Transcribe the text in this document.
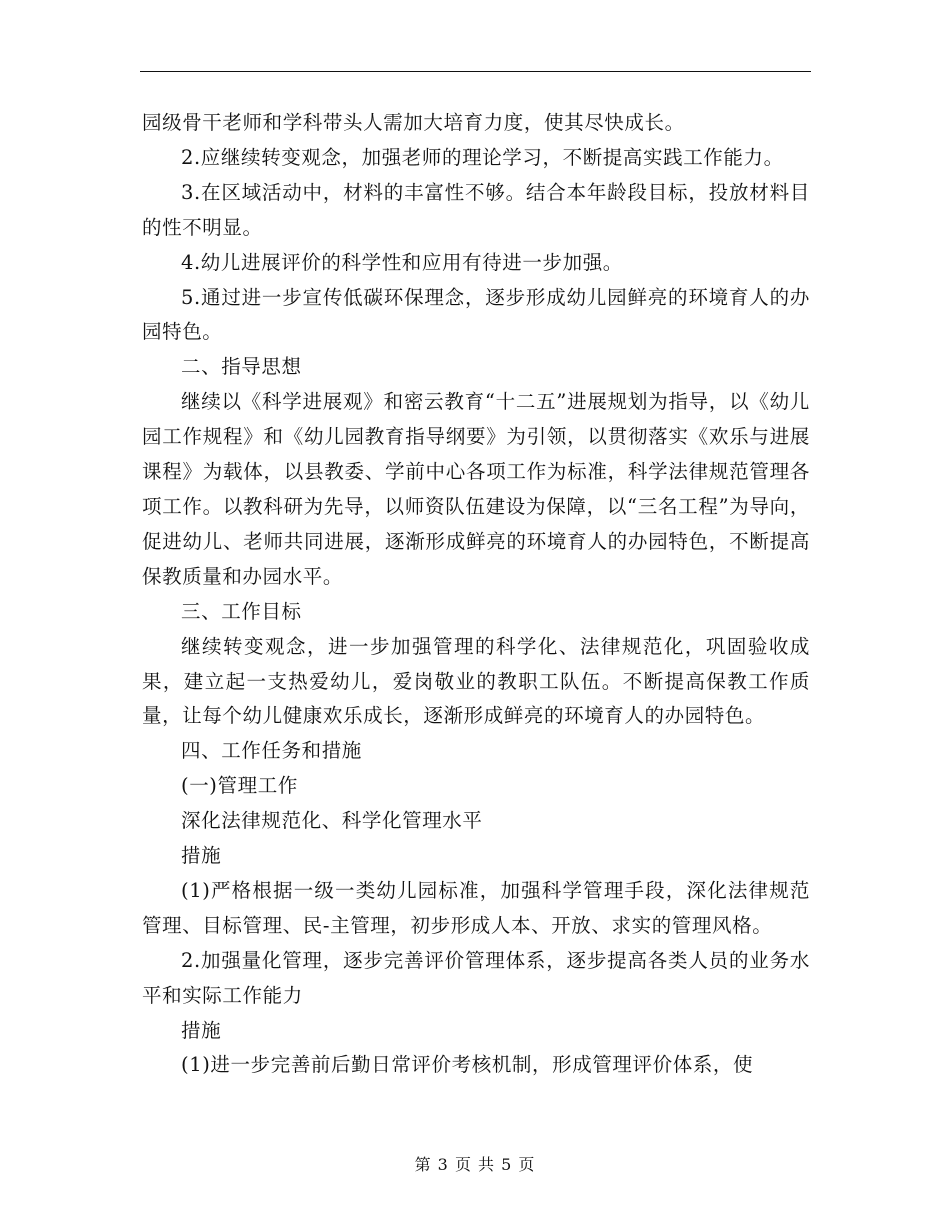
园级骨干老师和学科带头人需加大培育力度，使其尽快成长。

2.应继续转变观念，加强老师的理论学习，不断提高实践工作能力。

3.在区域活动中，材料的丰富性不够。结合本年龄段目标，投放材料目的性不明显。

4.幼儿进展评价的科学性和应用有待进一步加强。

5.通过进一步宣传低碳环保理念，逐步形成幼儿园鲜亮的环境育人的办园特色。

二、指导思想

继续以《科学进展观》和密云教育“十二五”进展规划为指导，以《幼儿园工作规程》和《幼儿园教育指导纲要》为引领，以贯彻落实《欢乐与进展课程》为载体，以县教委、学前中心各项工作为标准，科学法律规范管理各项工作。以教科研为先导，以师资队伍建设为保障，以“三名工程”为导向，促进幼儿、老师共同进展，逐渐形成鲜亮的环境育人的办园特色，不断提高保教质量和办园水平。

三、工作目标

继续转变观念，进一步加强管理的科学化、法律规范化，巩固验收成果，建立起一支热爱幼儿，爱岗敬业的教职工队伍。不断提高保教工作质量，让每个幼儿健康欢乐成长，逐渐形成鲜亮的环境育人的办园特色。

四、工作任务和措施

(一)管理工作

深化法律规范化、科学化管理水平

措施

(1)严格根据一级一类幼儿园标准，加强科学管理手段，深化法律规范管理、目标管理、民-主管理，初步形成人本、开放、求实的管理风格。

2.加强量化管理，逐步完善评价管理体系，逐步提高各类人员的业务水平和实际工作能力

措施

(1)进一步完善前后勤日常评价考核机制，形成管理评价体系，使

第 3 页 共 5 页
